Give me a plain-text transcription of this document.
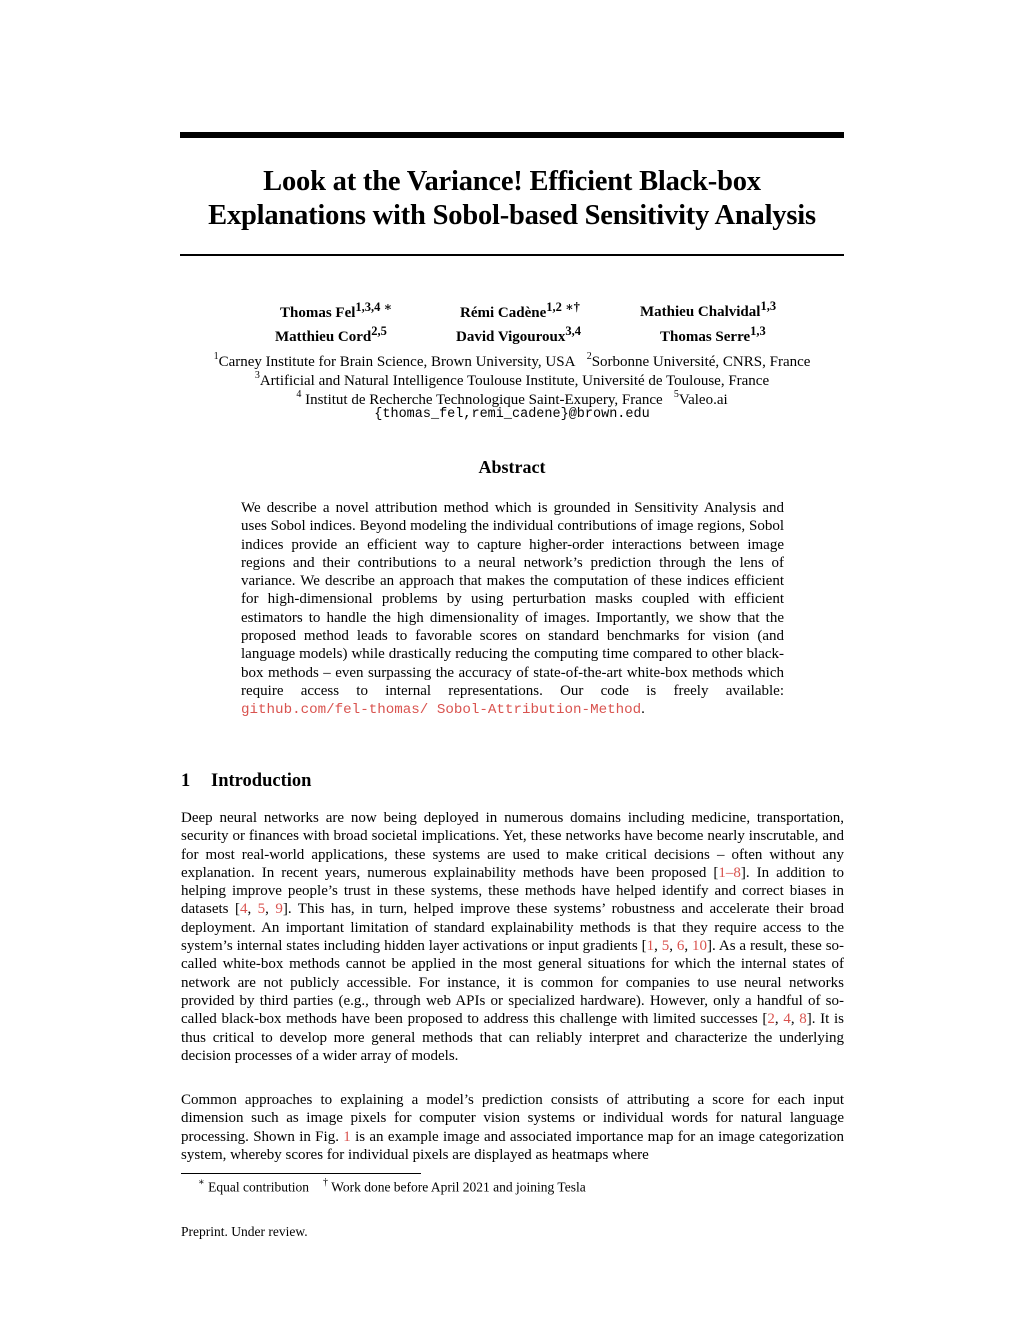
Look at the Variance! Efficient Black-box
Explanations with Sobol-based Sensitivity Analysis
Thomas Fel$^{1,3,4 ∗}$	Rémi Cadène$^{1,2 ∗\dagger}$	Mathieu Chalvidal$^{1,3}$
Matthieu Cord$^{2,5}$	David Vigouroux$^{3,4}$	Thomas Serre$^{1,3}$
$^1$Carney Institute for Brain Science, Brown University, USA $^2$Sorbonne Université, CNRS, France
$^3$Artificial and Natural Intelligence Toulouse Institute, Université de Toulouse, France
$^4$ Institut de Recherche Technologique Saint-Exupery, France $^5$Valeo.ai
{thomas_fel,remi_cadene}@brown.edu
Abstract
We describe a novel attribution method which is grounded in Sensitivity Analysis and uses Sobol indices. Beyond modeling the individual contributions of image regions, Sobol indices provide an efficient way to capture higher-order interactions between image regions and their contributions to a neural network’s prediction through the lens of variance. We describe an approach that makes the computation of these indices efficient for high-dimensional problems by using perturbation masks coupled with efficient estimators to handle the high dimensionality of images. Importantly, we show that the proposed method leads to favorable scores on standard benchmarks for vision (and language models) while drastically reducing the computing time compared to other black-box methods – even surpassing the accuracy of state-of-the-art white-box methods which require access to internal representations. Our code is freely available: github.com/fel-thomas/ Sobol-Attribution-Method.
1 Introduction
Deep neural networks are now being deployed in numerous domains including medicine, transportation, security or finances with broad societal implications. Yet, these networks have become nearly inscrutable, and for most real-world applications, these systems are used to make critical decisions – often without any explanation. In recent years, numerous explainability methods have been proposed [1–8]. In addition to helping improve people’s trust in these systems, these methods have helped identify and correct biases in datasets [4, 5, 9]. This has, in turn, helped improve these systems’ robustness and accelerate their broad deployment. An important limitation of standard explainability methods is that they require access to the system’s internal states including hidden layer activations or input gradients [1, 5, 6, 10]. As a result, these so-called white-box methods cannot be applied in the most general situations for which the internal states of network are not publicly accessible. For instance, it is common for companies to use neural networks provided by third parties (e.g., through web APIs or specialized hardware). However, only a handful of so-called black-box methods have been proposed to address this challenge with limited successes [2, 4, 8]. It is thus critical to develop more general methods that can reliably interpret and characterize the underlying decision processes of a wider array of models.
Common approaches to explaining a model’s prediction consists of attributing a score for each input dimension such as image pixels for computer vision systems or individual words for natural language processing. Shown in Fig. 1 is an example image and associated importance map for an image categorization system, whereby scores for individual pixels are displayed as heatmaps where
∗ Equal contribution † Work done before April 2021 and joining Tesla
Preprint. Under review.
